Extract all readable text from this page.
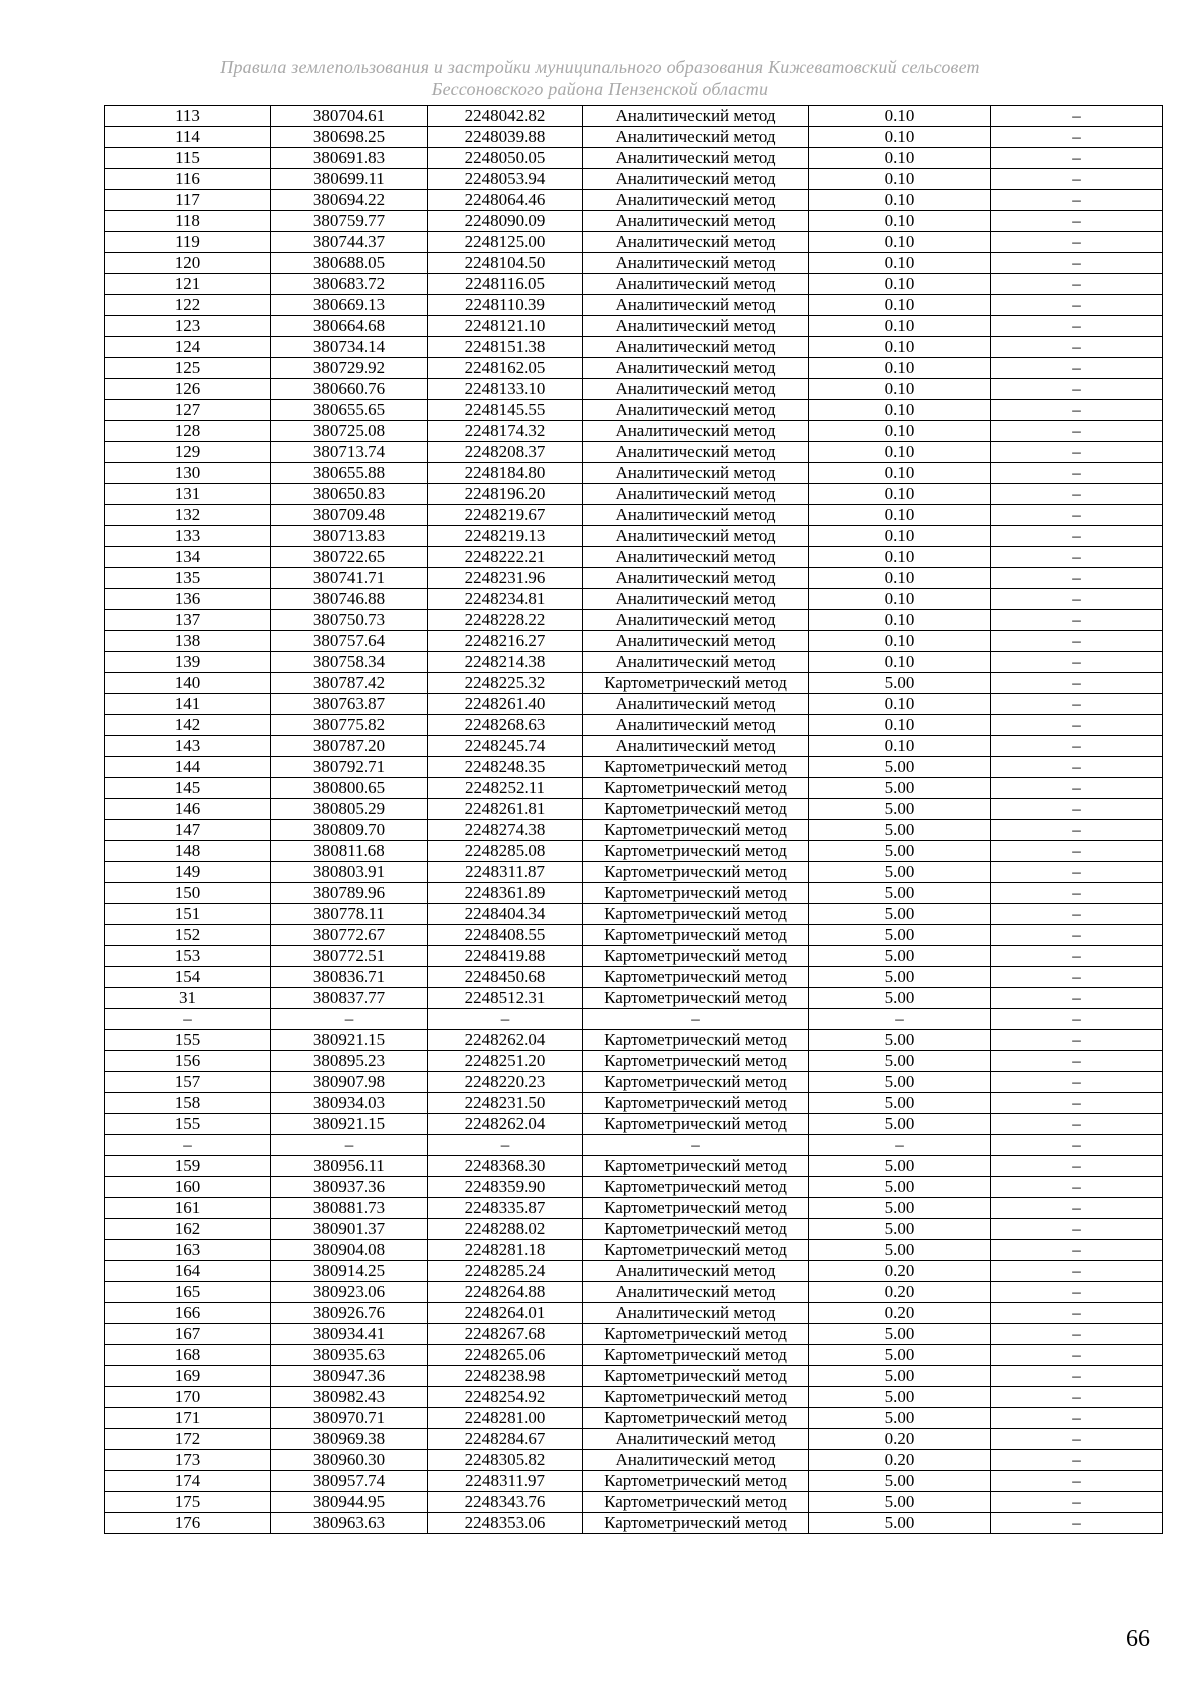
Правила землепользования и застройки муниципального образования Кижеватовский сельсовет
Бессоновского района Пензенской области
113	380704.61	2248042.82	Аналитический метод	0.10	–
114	380698.25	2248039.88	Аналитический метод	0.10	–
115	380691.83	2248050.05	Аналитический метод	0.10	–
116	380699.11	2248053.94	Аналитический метод	0.10	–
117	380694.22	2248064.46	Аналитический метод	0.10	–
118	380759.77	2248090.09	Аналитический метод	0.10	–
119	380744.37	2248125.00	Аналитический метод	0.10	–
120	380688.05	2248104.50	Аналитический метод	0.10	–
121	380683.72	2248116.05	Аналитический метод	0.10	–
122	380669.13	2248110.39	Аналитический метод	0.10	–
123	380664.68	2248121.10	Аналитический метод	0.10	–
124	380734.14	2248151.38	Аналитический метод	0.10	–
125	380729.92	2248162.05	Аналитический метод	0.10	–
126	380660.76	2248133.10	Аналитический метод	0.10	–
127	380655.65	2248145.55	Аналитический метод	0.10	–
128	380725.08	2248174.32	Аналитический метод	0.10	–
129	380713.74	2248208.37	Аналитический метод	0.10	–
130	380655.88	2248184.80	Аналитический метод	0.10	–
131	380650.83	2248196.20	Аналитический метод	0.10	–
132	380709.48	2248219.67	Аналитический метод	0.10	–
133	380713.83	2248219.13	Аналитический метод	0.10	–
134	380722.65	2248222.21	Аналитический метод	0.10	–
135	380741.71	2248231.96	Аналитический метод	0.10	–
136	380746.88	2248234.81	Аналитический метод	0.10	–
137	380750.73	2248228.22	Аналитический метод	0.10	–
138	380757.64	2248216.27	Аналитический метод	0.10	–
139	380758.34	2248214.38	Аналитический метод	0.10	–
140	380787.42	2248225.32	Картометрический метод	5.00	–
141	380763.87	2248261.40	Аналитический метод	0.10	–
142	380775.82	2248268.63	Аналитический метод	0.10	–
143	380787.20	2248245.74	Аналитический метод	0.10	–
144	380792.71	2248248.35	Картометрический метод	5.00	–
145	380800.65	2248252.11	Картометрический метод	5.00	–
146	380805.29	2248261.81	Картометрический метод	5.00	–
147	380809.70	2248274.38	Картометрический метод	5.00	–
148	380811.68	2248285.08	Картометрический метод	5.00	–
149	380803.91	2248311.87	Картометрический метод	5.00	–
150	380789.96	2248361.89	Картометрический метод	5.00	–
151	380778.11	2248404.34	Картометрический метод	5.00	–
152	380772.67	2248408.55	Картометрический метод	5.00	–
153	380772.51	2248419.88	Картометрический метод	5.00	–
154	380836.71	2248450.68	Картометрический метод	5.00	–
31	380837.77	2248512.31	Картометрический метод	5.00	–
–	–	–	–	–	–
155	380921.15	2248262.04	Картометрический метод	5.00	–
156	380895.23	2248251.20	Картометрический метод	5.00	–
157	380907.98	2248220.23	Картометрический метод	5.00	–
158	380934.03	2248231.50	Картометрический метод	5.00	–
155	380921.15	2248262.04	Картометрический метод	5.00	–
–	–	–	–	–	–
159	380956.11	2248368.30	Картометрический метод	5.00	–
160	380937.36	2248359.90	Картометрический метод	5.00	–
161	380881.73	2248335.87	Картометрический метод	5.00	–
162	380901.37	2248288.02	Картометрический метод	5.00	–
163	380904.08	2248281.18	Картометрический метод	5.00	–
164	380914.25	2248285.24	Аналитический метод	0.20	–
165	380923.06	2248264.88	Аналитический метод	0.20	–
166	380926.76	2248264.01	Аналитический метод	0.20	–
167	380934.41	2248267.68	Картометрический метод	5.00	–
168	380935.63	2248265.06	Картометрический метод	5.00	–
169	380947.36	2248238.98	Картометрический метод	5.00	–
170	380982.43	2248254.92	Картометрический метод	5.00	–
171	380970.71	2248281.00	Картометрический метод	5.00	–
172	380969.38	2248284.67	Аналитический метод	0.20	–
173	380960.30	2248305.82	Аналитический метод	0.20	–
174	380957.74	2248311.97	Картометрический метод	5.00	–
175	380944.95	2248343.76	Картометрический метод	5.00	–
176	380963.63	2248353.06	Картометрический метод	5.00	–
66
